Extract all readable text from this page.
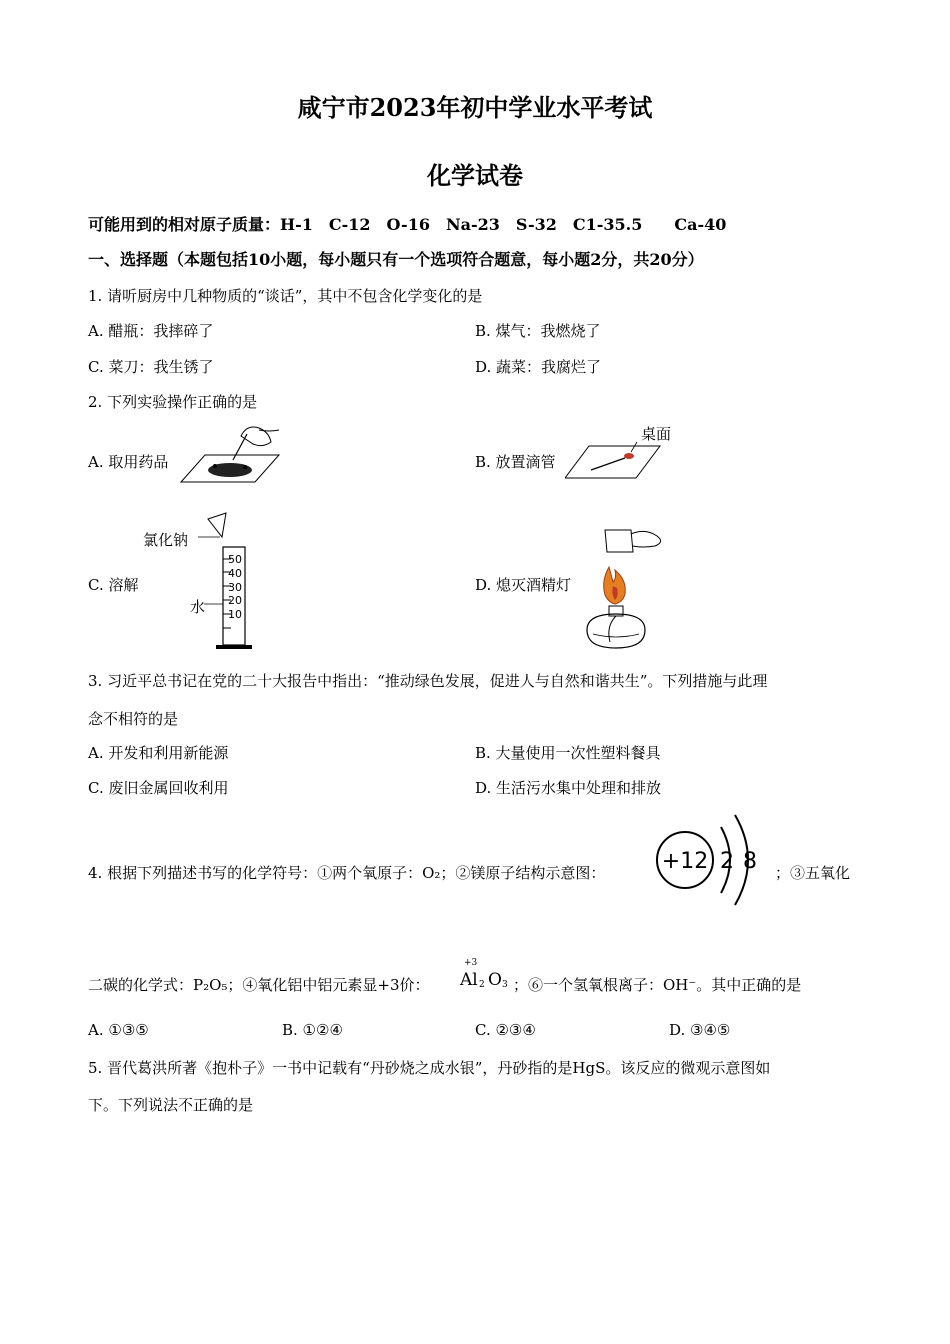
咸宁市2023年初中学业水平考试
化学试卷
可能用到的相对原子质量：H-1　C-12　O-16　Na-23　S-32　C1-35.5　　Ca-40
一、选择题（本题包括10小题，每小题只有一个选项符合题意，每小题2分，共20分）
1. 请听厨房中几种物质的“谈话”，其中不包含化学变化的是
A. 醋瓶：我摔碎了	B. 煤气：我燃烧了
C. 菜刀：我生锈了	D. 蔬菜：我腐烂了
2. 下列实验操作正确的是
A. 取用药品	B. 放置滴管
桌面
C. 溶解
氯化钠
水
50
40
30
20
10
D. 熄灭酒精灯
3. 习近平总书记在党的二十大报告中指出：“推动绿色发展，促进人与自然和谐共生”。下列措施与此理
念不相符的是
A. 开发和利用新能源	B. 大量使用一次性塑料餐具
C. 废旧金属回收利用	D. 生活污水集中处理和排放
4. 根据下列描述书写的化学符号：①两个氧原子：O₂；②镁原子结构示意图：	+12 2 8 ；③五氧化
二碳的化学式：P₂O₅；④氧化铝中铝元素显+3价：
+3
Al 2 O 3 ；⑥一个氢氧根离子：OH⁻。其中正确的是
A. ①③⑤	B. ①②④	C. ②③④	D. ③④⑤
5. 晋代葛洪所著《抱朴子》一书中记载有“丹砂烧之成水银”，丹砂指的是HgS。该反应的微观示意图如
下。下列说法不正确的是
